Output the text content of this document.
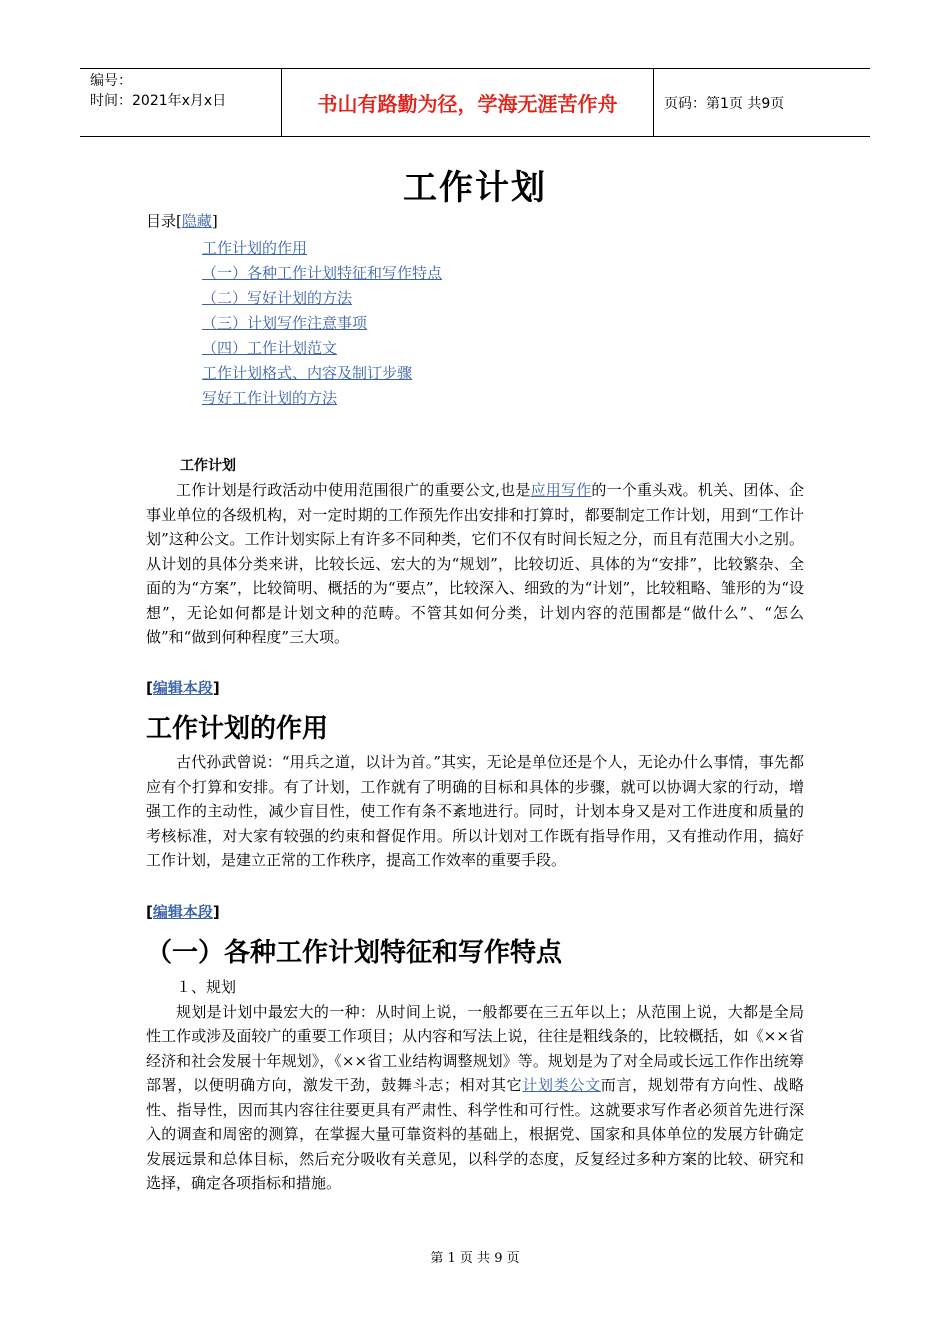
编号：
时间：2021年x月x日	书山有路勤为径，学海无涯苦作舟	页码：第1页 共9页
工作计划
目录[隐藏]
工作计划的作用
（一）各种工作计划特征和写作特点
（二）写好计划的方法
（三）计划写作注意事项
（四）工作计划范文
工作计划格式、内容及制订步骤
写好工作计划的方法
工作计划

工作计划是行政活动中使用范围很广的重要公文,也是应用写作的一个重头戏。机关、团体、企事业单位的各级机构，对一定时期的工作预先作出安排和打算时，都要制定工作计划，用到“工作计划”这种公文。工作计划实际上有许多不同种类，它们不仅有时间长短之分，而且有范围大小之别。从计划的具体分类来讲，比较长远、宏大的为“规划”，比较切近、具体的为“安排”，比较繁杂、全面的为“方案”，比较简明、概括的为“要点”，比较深入、细致的为“计划”，比较粗略、雏形的为“设想”，无论如何都是计划文种的范畴。不管其如何分类，计划内容的范围都是“做什么”、“怎么做”和“做到何种程度”三大项。

[编辑本段]
工作计划的作用

古代孙武曾说：“用兵之道，以计为首。”其实，无论是单位还是个人，无论办什么事情，事先都应有个打算和安排。有了计划，工作就有了明确的目标和具体的步骤，就可以协调大家的行动，增强工作的主动性，减少盲目性，使工作有条不紊地进行。同时，计划本身又是对工作进度和质量的考核标准，对大家有较强的约束和督促作用。所以计划对工作既有指导作用，又有推动作用，搞好工作计划，是建立正常的工作秩序，提高工作效率的重要手段。

[编辑本段]
（一）各种工作计划特征和写作特点

１、规划

规划是计划中最宏大的一种：从时间上说，一般都要在三五年以上；从范围上说，大都是全局性工作或涉及面较广的重要工作项目；从内容和写法上说，往往是粗线条的，比较概括，如《××省经济和社会发展十年规划》，《××省工业结构调整规划》等。规划是为了对全局或长远工作作出统筹部署，以便明确方向，激发干劲，鼓舞斗志；相对其它计划类公文而言，规划带有方向性、战略性、指导性，因而其内容往往要更具有严肃性、科学性和可行性。这就要求写作者必须首先进行深入的调查和周密的测算，在掌握大量可靠资料的基础上，根据党、国家和具体单位的发展方针确定发展远景和总体目标，然后充分吸收有关意见，以科学的态度，反复经过多种方案的比较、研究和选择，确定各项指标和措施。

第 1 页 共 9 页
